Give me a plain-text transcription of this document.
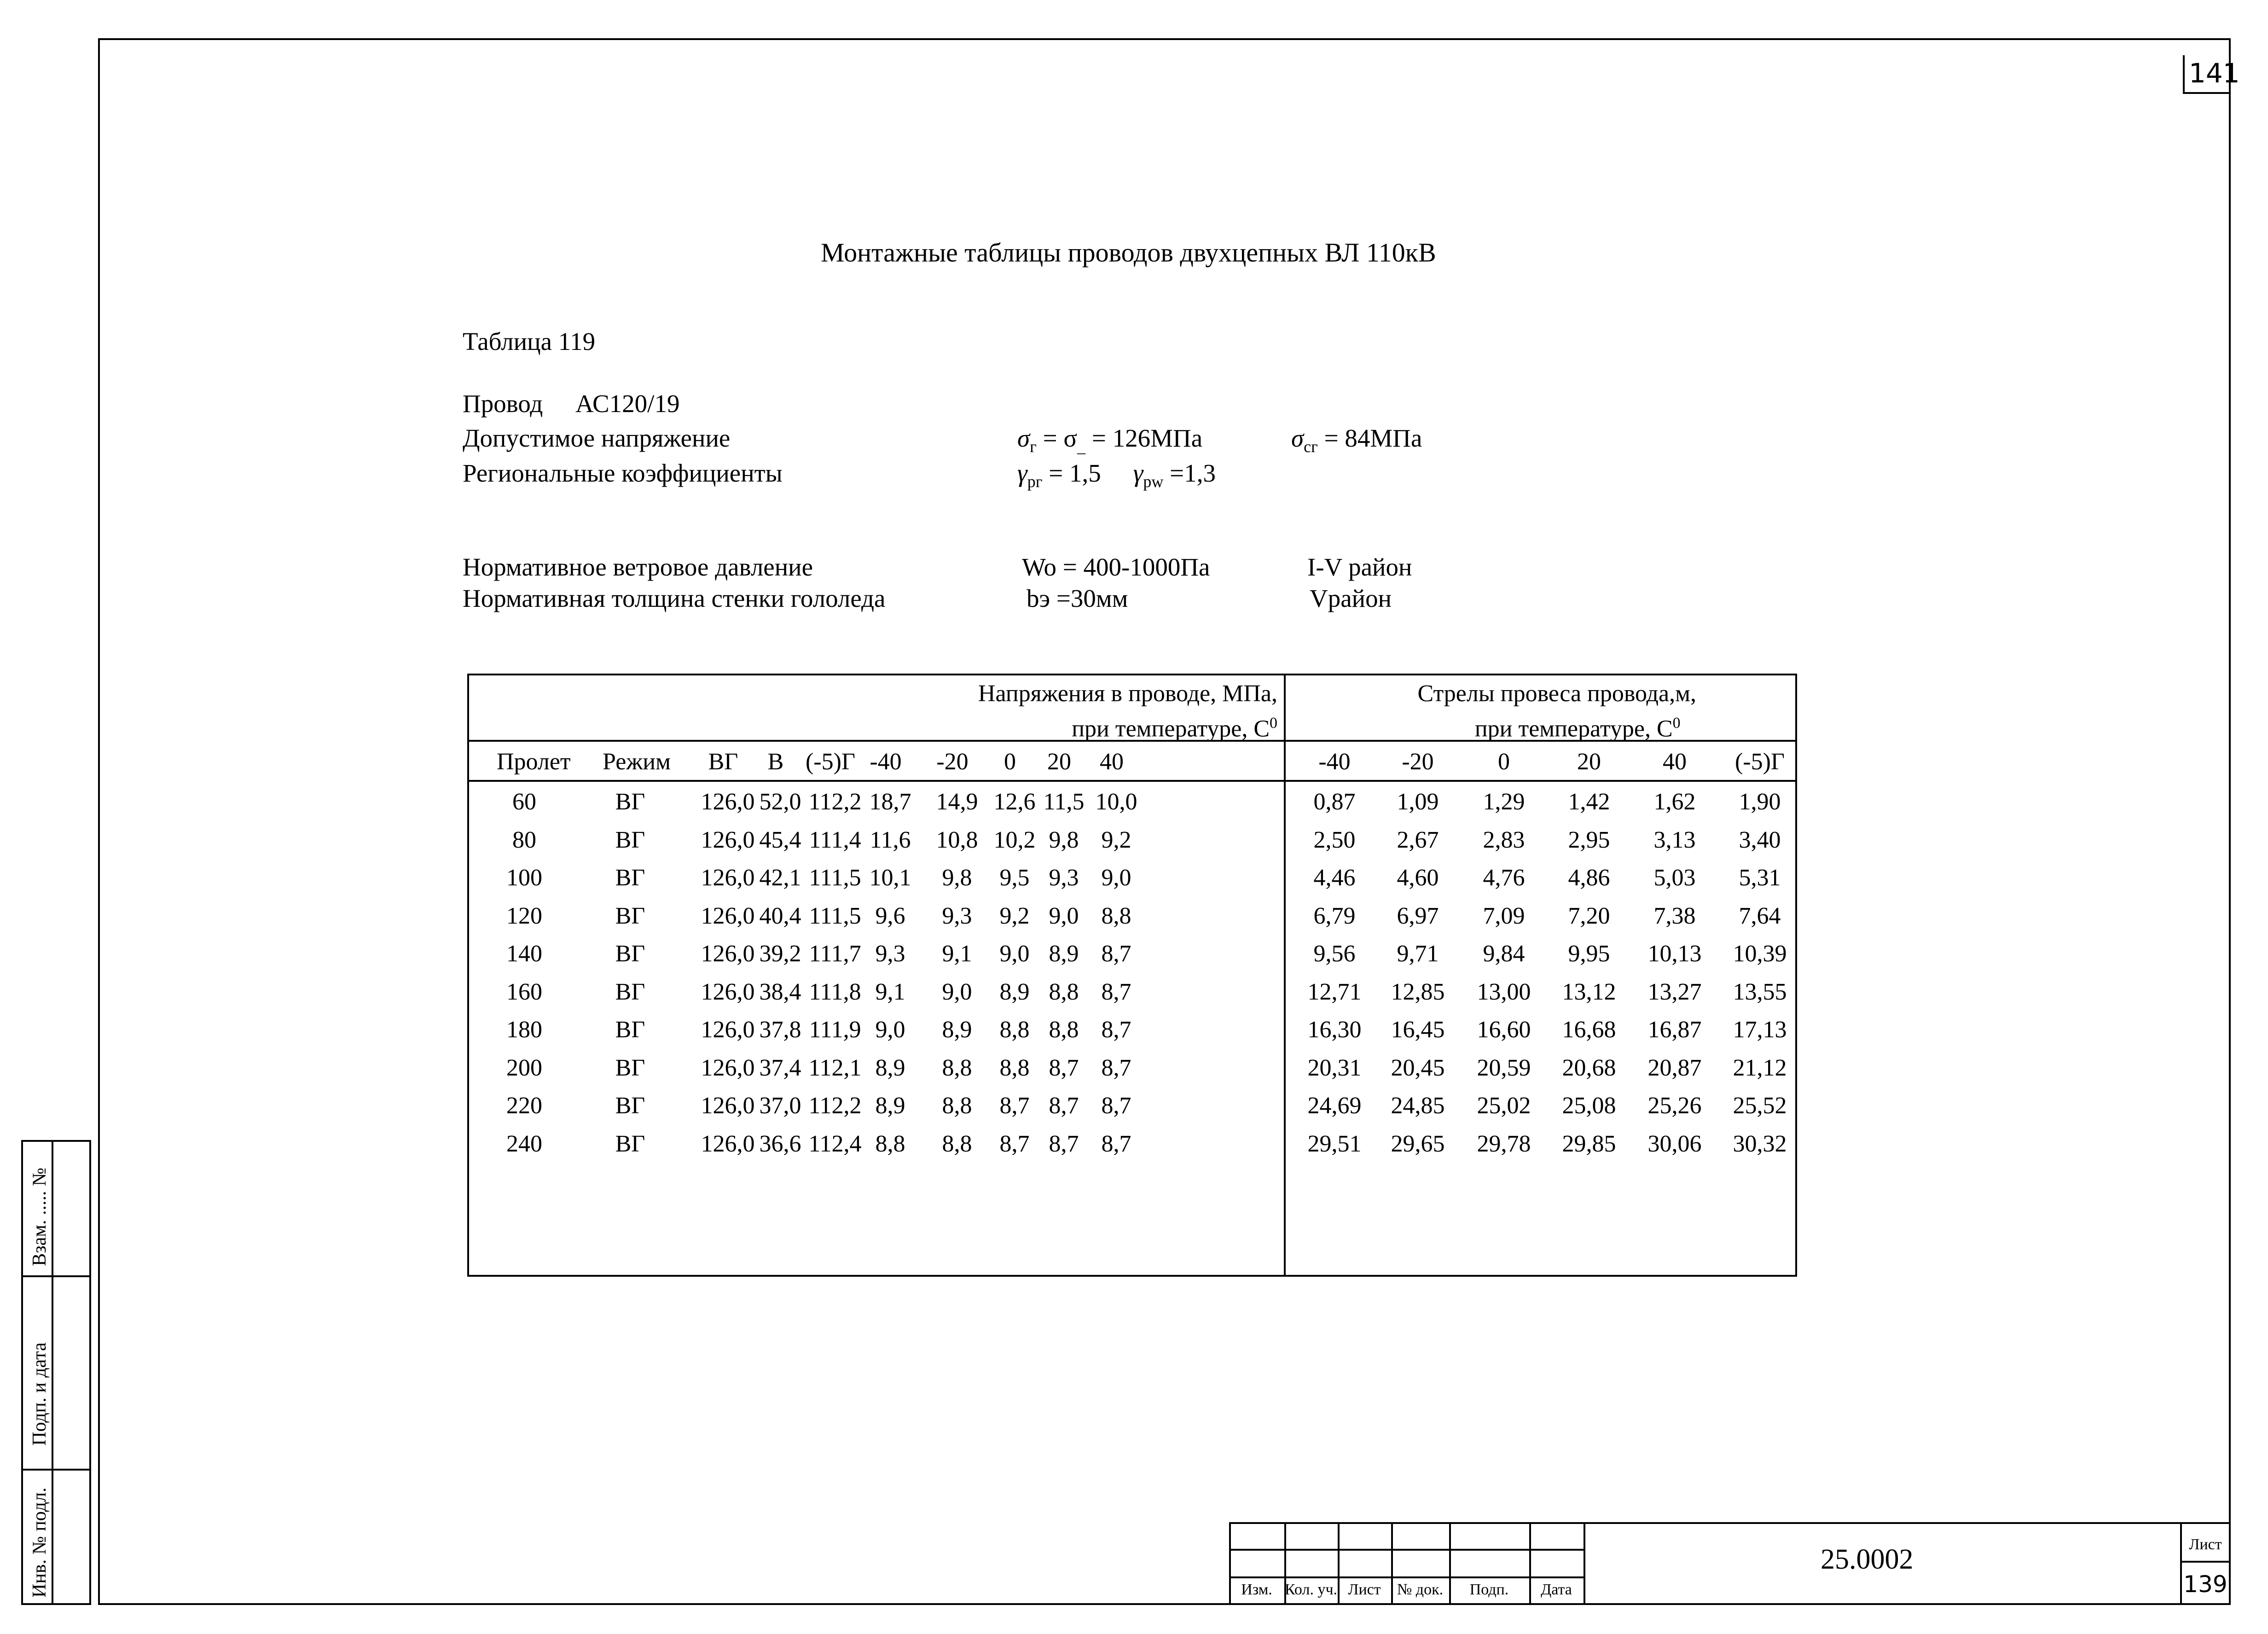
141
Монтажные таблицы проводов двухцепных ВЛ 110кВ
Таблица 119
Провод АС120/19
Допустимое напряжение	$\sigma_г = \sigma_{\_} = 126МПа$	$\sigma_{сг} = 84МПа$
Региональные коэффициенты	$\gamma_{рг} = 1,5$ $\gamma_{pw} =1,3$
Нормативное ветровое давление	Wo = 400-1000Па	I-V район
Нормативная толщина стенки гололеда	bэ =30мм	Vрайон
Напряжения в проводе, МПа,
при температуре, $С^0$
Стрелы провеса провода,м,
при температуре, $С^0$
Пролет Режим	ВГ	В (-5)Г -40	-20	0	20	40	-40	-20	0	20	40	(-5)Г
60	ВГ	126,0 52,0 112,2 18,7 14,9 12,6 11,5 10,0	0,87 1,09 1,29 1,42 1,62 1,90
80	ВГ	126,0 45,4 111,4 11,6 10,8 10,2 9,8 9,2	2,50 2,67 2,83 2,95 3,13 3,40
100	ВГ	126,0 42,1 111,5 10,1	9,8	9,5 9,3 9,0	4,46 4,60 4,76 4,86 5,03 5,31
120	ВГ	126,0 40,4 111,5 9,6	9,3	9,2 9,0 8,8	6,79 6,97 7,09 7,20 7,38 7,64
140	ВГ	126,0 39,2 111,7 9,3	9,1	9,0 8,9 8,7	9,56 9,71 9,84 9,95 10,13 10,39
160	ВГ	126,0 38,4 111,8 9,1	9,0	8,9 8,8 8,7	12,71 12,85 13,00 13,12 13,27 13,55
180	ВГ	126,0 37,8 111,9 9,0	8,9	8,8 8,8 8,7	16,30 16,45 16,60 16,68 16,87 17,13
200	ВГ	126,0 37,4 112,1 8,9	8,8	8,8 8,7 8,7	20,31 20,45 20,59 20,68 20,87 21,12
220	ВГ	126,0 37,0 112,2 8,9	8,8	8,7 8,7 8,7	24,69 24,85 25,02 25,08 25,26 25,52
240	ВГ	126,0 36,6 112,4 8,8	8,8	8,7 8,7 8,7	29,51 29,65 29,78 29,85 30,06 30,32
Взам. ..... №
Подп. и дата
Инв. № подл.	Изм. Кол. уч. Лист	№ док.	Подп.	Дата
Лист
139
25.0002
